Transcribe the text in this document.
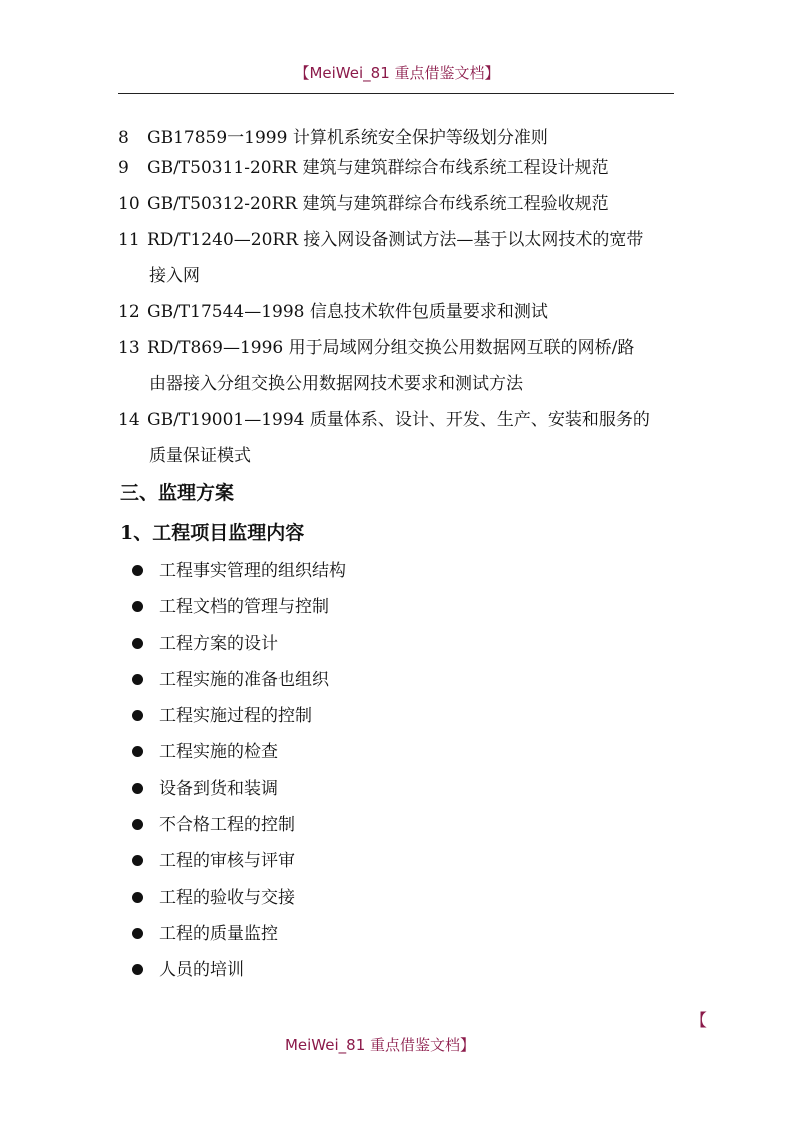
【MeiWei_81 重点借鉴文档】
8 GB17859一1999 计算机系统安全保护等级划分准则
9 GB/T50311-20RR 建筑与建筑群综合布线系统工程设计规范
10 GB/T50312-20RR 建筑与建筑群综合布线系统工程验收规范
11 RD/T1240—20RR 接入网设备测试方法—基于以太网技术的宽带
接入网
12 GB/T17544—1998 信息技术软件包质量要求和测试
13 RD/T869—1996 用于局域网分组交换公用数据网互联的网桥/路
由器接入分组交换公用数据网技术要求和测试方法
14 GB/T19001—1994 质量体系、设计、开发、生产、安装和服务的
质量保证模式
三、监理方案
1、工程项目监理内容
工程事实管理的组织结构
工程文档的管理与控制
工程方案的设计
工程实施的准备也组织
工程实施过程的控制
工程实施的检查
设备到货和装调
不合格工程的控制
工程的审核与评审
工程的验收与交接
工程的质量监控
人员的培训
【
MeiWei_81 重点借鉴文档】
